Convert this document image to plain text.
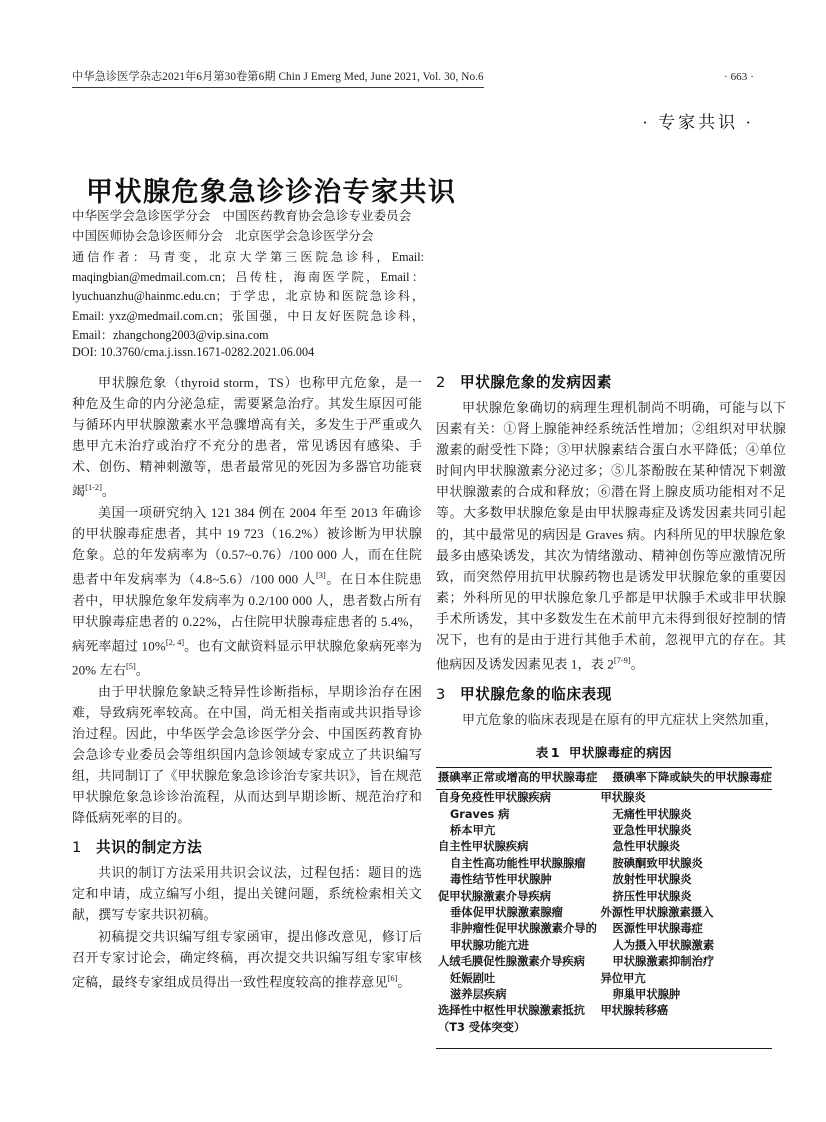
中华急诊医学杂志2021年6月第30卷第6期 Chin J Emerg Med, June 2021, Vol. 30, No.6	· 663 ·
· 专家共识 ·
甲状腺危象急诊诊治专家共识
中华医学会急诊医学分会 中国医药教育协会急诊专业委员会
中国医师协会急诊医师分会 北京医学会急诊医学分会
通信作者：马青变，北京大学第三医院急诊科，Email: maqingbian@medmail.com.cn；吕传柱，海南医学院，Email：lyuchuanzhu@hainmc.edu.cn；于学忠，北京协和医院急诊科，Email: yxz@medmail.com.cn；张国强，中日友好医院急诊科，Email：zhangchong2003@vip.sina.com
DOI: 10.3760/cma.j.issn.1671-0282.2021.06.004

甲状腺危象（thyroid storm，TS）也称甲亢危象，是一种危及生命的内分泌急症，需要紧急治疗。其发生原因可能与循环内甲状腺激素水平急骤增高有关，多发生于严重或久患甲亢未治疗或治疗不充分的患者，常见诱因有感染、手术、创伤、精神刺激等，患者最常见的死因为多器官功能衰竭[1-2]。

美国一项研究纳入 121 384 例在 2004 年至 2013 年确诊的甲状腺毒症患者，其中 19 723（16.2%）被诊断为甲状腺危象。总的年发病率为（0.57~0.76）/100 000 人，而在住院患者中年发病率为（4.8~5.6）/100 000 人[3]。在日本住院患者中，甲状腺危象年发病率为 0.2/100 000 人，患者数占所有甲状腺毒症患者的 0.22%，占住院甲状腺毒症患者的 5.4%，病死率超过 10%[2, 4]。也有文献资料显示甲状腺危象病死率为 20% 左右[5]。

由于甲状腺危象缺乏特异性诊断指标，早期诊治存在困难，导致病死率较高。在中国，尚无相关指南或共识指导诊治过程。因此，中华医学会急诊医学分会、中国医药教育协会急诊专业委员会等组织国内急诊领域专家成立了共识编写组，共同制订了《甲状腺危象急诊诊治专家共识》，旨在规范甲状腺危象急诊诊治流程，从而达到早期诊断、规范治疗和降低病死率的目的。

1 共识的制定方法

共识的制订方法采用共识会议法，过程包括：题目的选定和申请，成立编写小组，提出关键问题，系统检索相关文献，撰写专家共识初稿。

初稿提交共识编写组专家函审，提出修改意见，修订后召开专家讨论会，确定终稿，再次提交共识编写组专家审核定稿，最终专家组成员得出一致性程度较高的推荐意见[6]。

2 甲状腺危象的发病因素

甲状腺危象确切的病理生理机制尚不明确，可能与以下因素有关：①肾上腺能神经系统活性增加；②组织对甲状腺激素的耐受性下降；③甲状腺素结合蛋白水平降低；④单位时间内甲状腺激素分泌过多；⑤儿茶酚胺在某种情况下刺激甲状腺激素的合成和释放；⑥潜在肾上腺皮质功能相对不足等。大多数甲状腺危象是由甲状腺毒症及诱发因素共同引起的，其中最常见的病因是 Graves 病。内科所见的甲状腺危象最多由感染诱发，其次为情绪激动、精神创伤等应激情况所致，而突然停用抗甲状腺药物也是诱发甲状腺危象的重要因素；外科所见的甲状腺危象几乎都是甲状腺手术或非甲状腺手术所诱发，其中多数发生在术前甲亢未得到很好控制的情况下，也有的是由于进行其他手术前，忽视甲亢的存在。其他病因及诱发因素见表 1，表 2[7-9]。

3 甲状腺危象的临床表现

甲亢危象的临床表现是在原有的甲亢症状上突然加重，

表 1 甲状腺毒症的病因
摄碘率正常或增高的甲状腺毒症	摄碘率下降或缺失的甲状腺毒症
自身免疫性甲状腺疾病	甲状腺炎
Graves 病	无痛性甲状腺炎
桥本甲亢	亚急性甲状腺炎
自主性甲状腺疾病	急性甲状腺炎
自主性高功能性甲状腺腺瘤	胺碘酮致甲状腺炎
毒性结节性甲状腺肿	放射性甲状腺炎
促甲状腺激素介导疾病	挤压性甲状腺炎
垂体促甲状腺激素腺瘤	外源性甲状腺激素摄入
非肿瘤性促甲状腺激素介导的	医源性甲状腺毒症
甲状腺功能亢进	人为摄入甲状腺激素
人绒毛膜促性腺激素介导疾病	甲状腺激素抑制治疗
妊娠剧吐	异位甲亢
滋养层疾病	卵巢甲状腺肿
选择性中枢性甲状腺激素抵抗	甲状腺转移癌
（T3 受体突变）	
